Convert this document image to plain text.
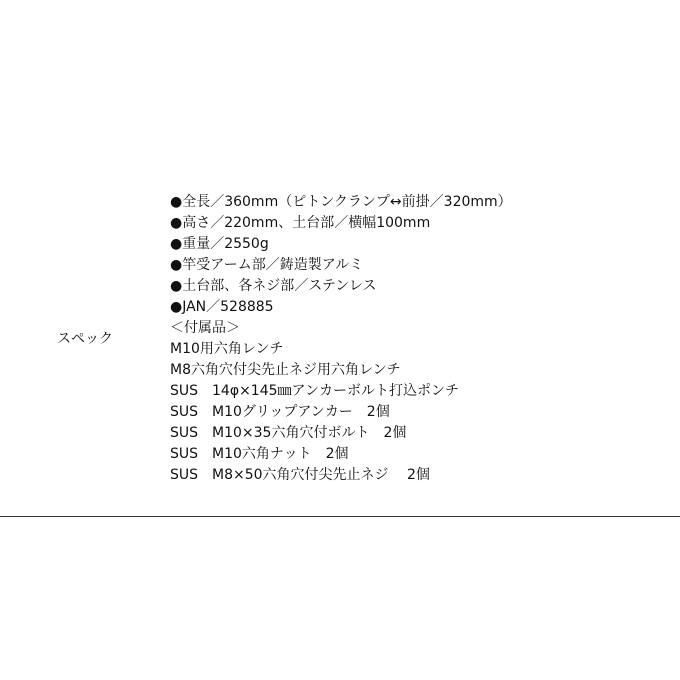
スペック
●全長／360mm（ピトンクランプ↔前掛／320mm）
●高さ／220mm、土台部／横幅100mm
●重量／2550g
●竿受アーム部／鋳造製アルミ
●土台部、各ネジ部／ステンレス
●JAN／528885
＜付属品＞
M10用六角レンチ
M8六角穴付尖先止ネジ用六角レンチ
SUS　14φ×145㎜アンカーボルト打込ポンチ
SUS　M10グリップアンカー　2個
SUS　M10×35六角穴付ボルト　2個
SUS　M10六角ナット　2個
SUS　M8×50六角穴付尖先止ネジ　 2個
